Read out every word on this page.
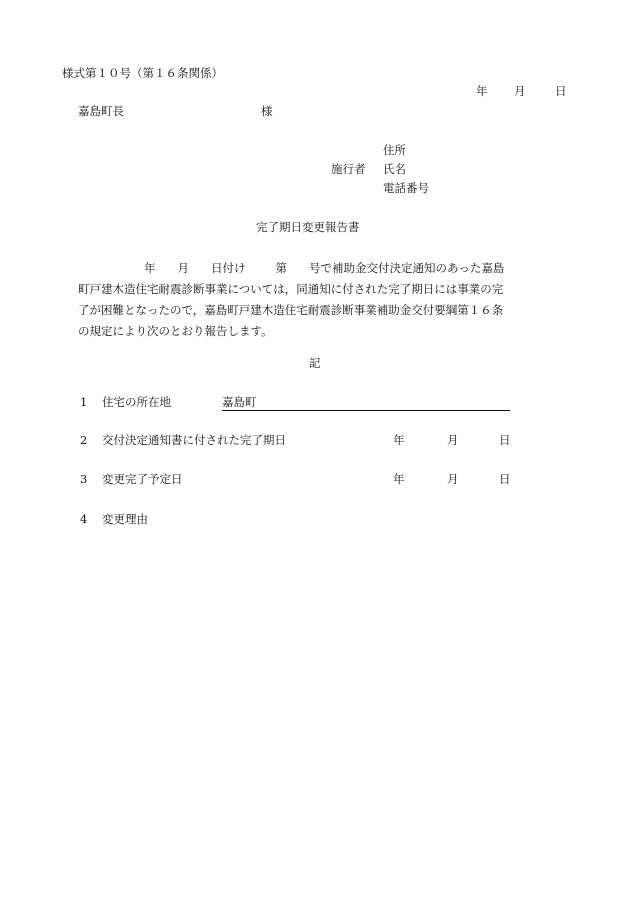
様式第１０号（第１６条関係）
年 月	日
嘉島町長	様
住所
施行者 氏名
電話番号
完了期日変更報告書
年 月 日付け	第 号で補助金交付決定通知のあった嘉島
町戸建木造住宅耐震診断事業については，同通知に付された完了期日には事業の完
了が困難となったので，嘉島町戸建木造住宅耐震診断事業補助金交付要綱第１６条
の規定により次のとおり報告します。
記
1 住宅の所在地	嘉島町
2 交付決定通知書に付された完了期日	年	月	日
3 変更完了予定日	年	月	日
4 変更理由
